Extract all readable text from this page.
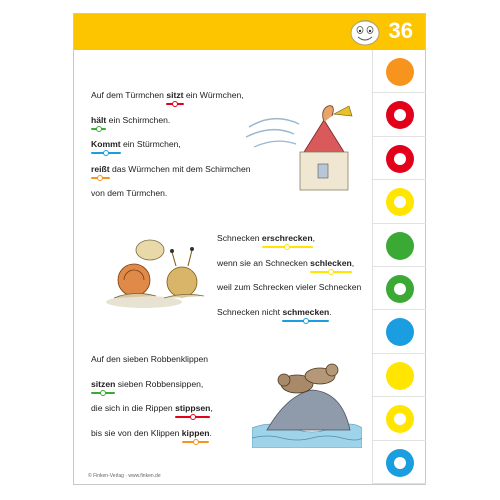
36
Auf dem Türmchen sitzt
ein Würmchen,
hält
ein Schirmchen.
Kommt
ein Stürmchen,
reißt
das Würmchen mit dem Schirmchen
von dem Türmchen.
Schnecken erschrecken
,
wenn sie an Schnecken schlecken
,
weil zum Schrecken vieler Schnecken
Schnecken nicht schmecken
.
Auf den sieben Robbenklippen
sitzen
sieben Robbensippen,
die sich in die Rippen stippsen
,
bis sie von den Klippen kippen
.
© Finken-Verlag · www.finken.de
